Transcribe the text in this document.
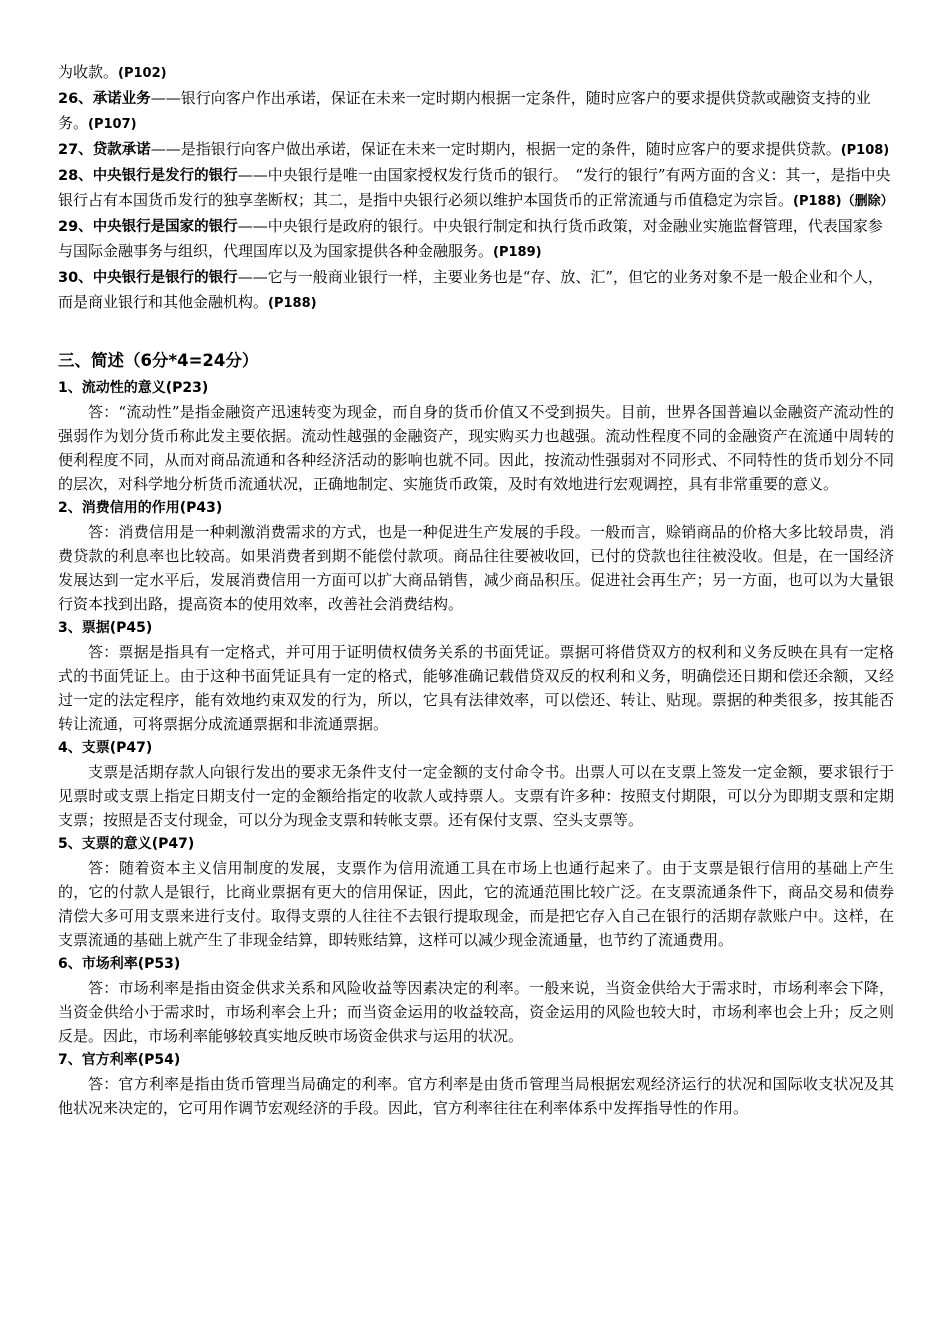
为收款。(P102)

26、承诺业务——银行向客户作出承诺，保证在未来一定时期内根据一定条件，随时应客户的要求提供贷款或融资支持的业务。(P107)

27、贷款承诺——是指银行向客户做出承诺，保证在未来一定时期内，根据一定的条件，随时应客户的要求提供贷款。(P108)

28、中央银行是发行的银行——中央银行是唯一由国家授权发行货币的银行。　“发行的银行”有两方面的含义：其一，是指中央银行占有本国货币发行的独享垄断权；其二，是指中央银行必须以维护本国货币的正常流通与币值稳定为宗旨。(P188)（删除）

29、中央银行是国家的银行——中央银行是政府的银行。中央银行制定和执行货币政策，对金融业实施监督管理，代表国家参与国际金融事务与组织，代理国库以及为国家提供各种金融服务。(P189)

30、中央银行是银行的银行——它与一般商业银行一样，主要业务也是“存、放、汇”，但它的业务对象不是一般企业和个人，而是商业银行和其他金融机构。(P188)

三、简述（6分*4=24分）
1、流动性的意义(P23)

答：“流动性”是指金融资产迅速转变为现金，而自身的货币价值又不受到损失。目前，世界各国普遍以金融资产流动性的强弱作为划分货币称此发主要依据。流动性越强的金融资产，现实购买力也越强。流动性程度不同的金融资产在流通中周转的便利程度不同，从而对商品流通和各种经济活动的影响也就不同。因此，按流动性强弱对不同形式、不同特性的货币划分不同的层次，对科学地分析货币流通状况，正确地制定、实施货币政策，及时有效地进行宏观调控，具有非常重要的意义。

2、消费信用的作用(P43)

答：消费信用是一种刺激消费需求的方式，也是一种促进生产发展的手段。一般而言，赊销商品的价格大多比较昂贵，消费贷款的利息率也比较高。如果消费者到期不能偿付款项。商品往往要被收回，已付的贷款也往往被没收。但是，在一国经济发展达到一定水平后，发展消费信用一方面可以扩大商品销售，减少商品积压。促进社会再生产；另一方面，也可以为大量银行资本找到出路，提高资本的使用效率，改善社会消费结构。

3、票据(P45)

答：票据是指具有一定格式，并可用于证明债权债务关系的书面凭证。票据可将借贷双方的权利和义务反映在具有一定格式的书面凭证上。由于这种书面凭证具有一定的格式，能够准确记载借贷双反的权利和义务，明确偿还日期和偿还余额，又经过一定的法定程序，能有效地约束双发的行为，所以，它具有法律效率，可以偿还、转让、贴现。票据的种类很多，按其能否转让流通，可将票据分成流通票据和非流通票据。

4、支票(P47)

支票是活期存款人向银行发出的要求无条件支付一定金额的支付命令书。出票人可以在支票上签发一定金额，要求银行于见票时或支票上指定日期支付一定的金额给指定的收款人或持票人。支票有许多种：按照支付期限，可以分为即期支票和定期支票；按照是否支付现金，可以分为现金支票和转帐支票。还有保付支票、空头支票等。

5、支票的意义(P47)

答：随着资本主义信用制度的发展，支票作为信用流通工具在市场上也通行起来了。由于支票是银行信用的基础上产生的，它的付款人是银行，比商业票据有更大的信用保证，因此，它的流通范围比较广泛。在支票流通条件下，商品交易和债券清偿大多可用支票来进行支付。取得支票的人往往不去银行提取现金，而是把它存入自己在银行的活期存款账户中。这样，在支票流通的基础上就产生了非现金结算，即转账结算，这样可以减少现金流通量，也节约了流通费用。

6、市场利率(P53)

答：市场利率是指由资金供求关系和风险收益等因素决定的利率。一般来说，当资金供给大于需求时，市场利率会下降，当资金供给小于需求时，市场利率会上升；而当资金运用的收益较高，资金运用的风险也较大时，市场利率也会上升；反之则反是。因此，市场利率能够较真实地反映市场资金供求与运用的状况。

7、官方利率(P54)

答：官方利率是指由货币管理当局确定的利率。官方利率是由货币管理当局根据宏观经济运行的状况和国际收支状况及其他状况来决定的，它可用作调节宏观经济的手段。因此，官方利率往往在利率体系中发挥指导性的作用。
